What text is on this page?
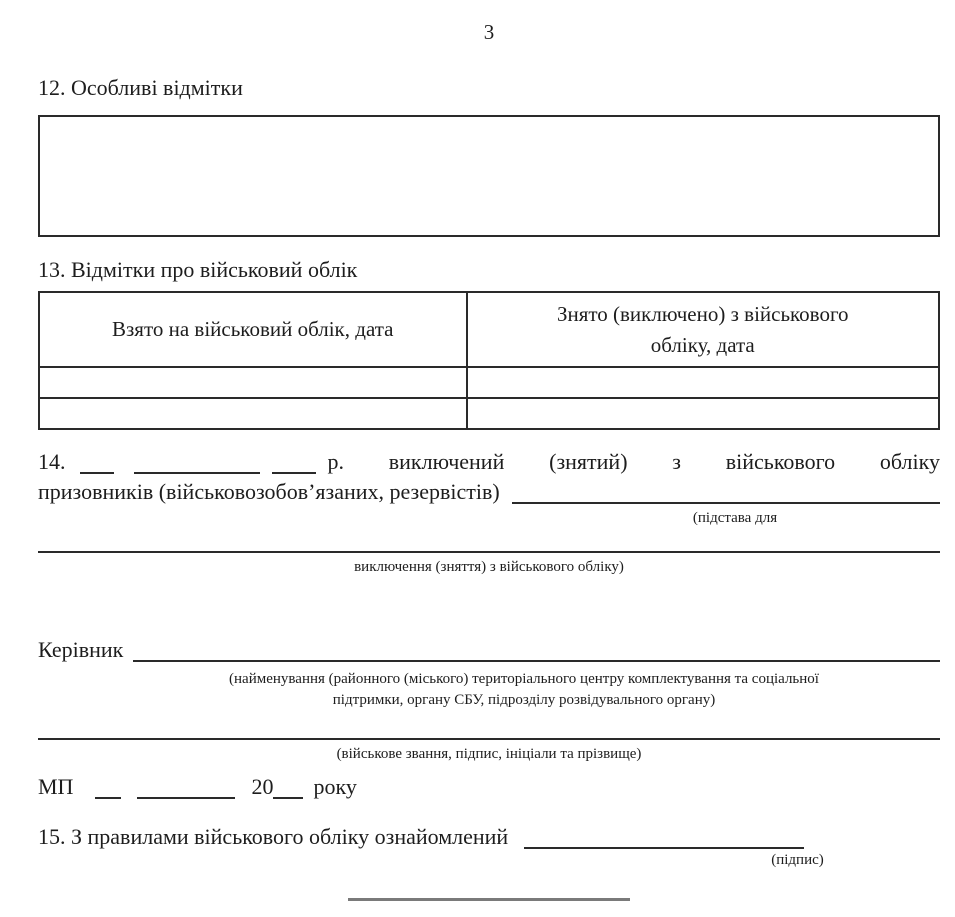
3
12. Особливі відмітки
13. Відмітки про військовий облік
Взято на військовий облік, дата	Знято (виключено) з військового
обліку, дата

14.	р. виключений (знятий) з військового обліку
призовників (військовозобов’язаних, резервістів)
(підстава для
виключення (зняття) з військового обліку)
Керівник
(найменування (районного (міського) територіального центру комплектування та соціальної
підтримки, органу СБУ, підрозділу розвідувального органу)
(військове звання, підпис, ініціали та прізвище)
МП	20 року
15. З правилами військового обліку ознайомлений
(підпис)
